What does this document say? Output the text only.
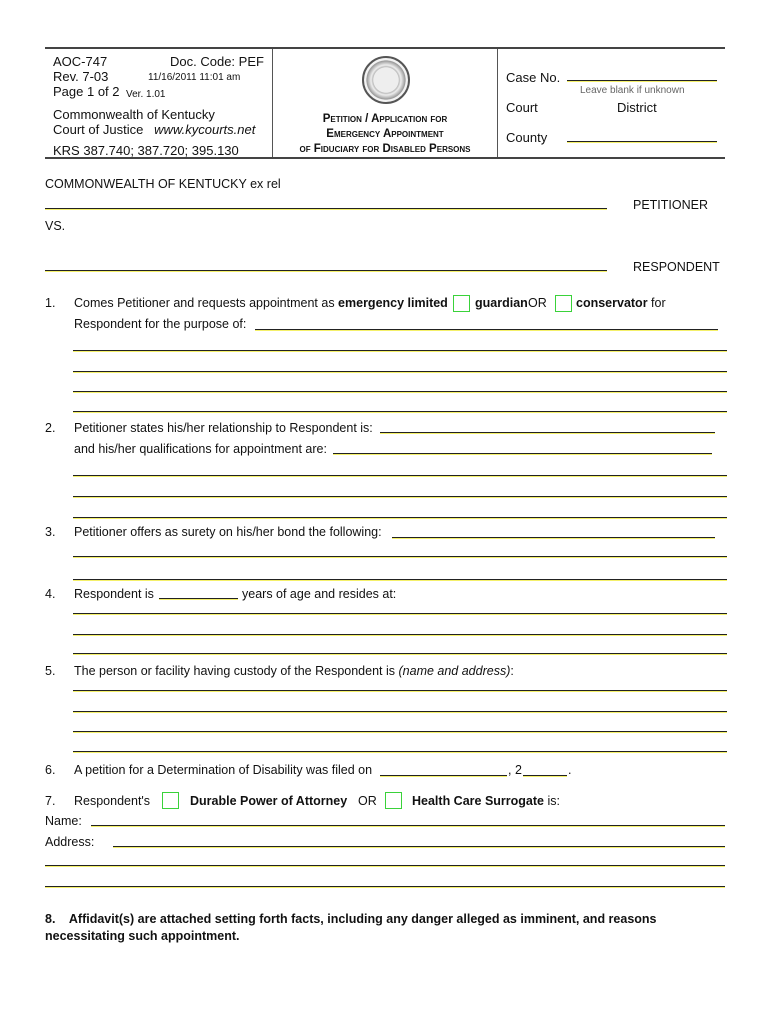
AOC-747	Doc. Code: PEF
Rev. 7-03	11/16/2011 11:01 am
Page 1 of 2 Ver. 1.01
Commonwealth of Kentucky
Court of Justice www.kycourts.net
KRS 387.740; 387.720; 395.130
Petition / Application for
Emergency Appointment
of Fiduciary for Disabled Persons
Case No.
Leave blank if unknown
Court	District
County
COMMONWEALTH OF KENTUCKY ex rel
PETITIONER
VS.
RESPONDENT
1. Comes Petitioner and requests appointment as emergency limited guardian OR conservator for
Respondent for the purpose of:
2. Petitioner states his/her relationship to Respondent is:
and his/her qualifications for appointment are:
3. Petitioner offers as surety on his/her bond the following:
4. Respondent is	years of age and resides at:
5. The person or facility having custody of the Respondent is (name and address):
6. A petition for a Determination of Disability was filed on	, 2	.
7. Respondent's	Durable Power of Attorney OR	Health Care Surrogate is:
Name:
Address:
8. Affidavit(s) are attached setting forth facts, including any danger alleged as imminent, and reasons
necessitating such appointment.
